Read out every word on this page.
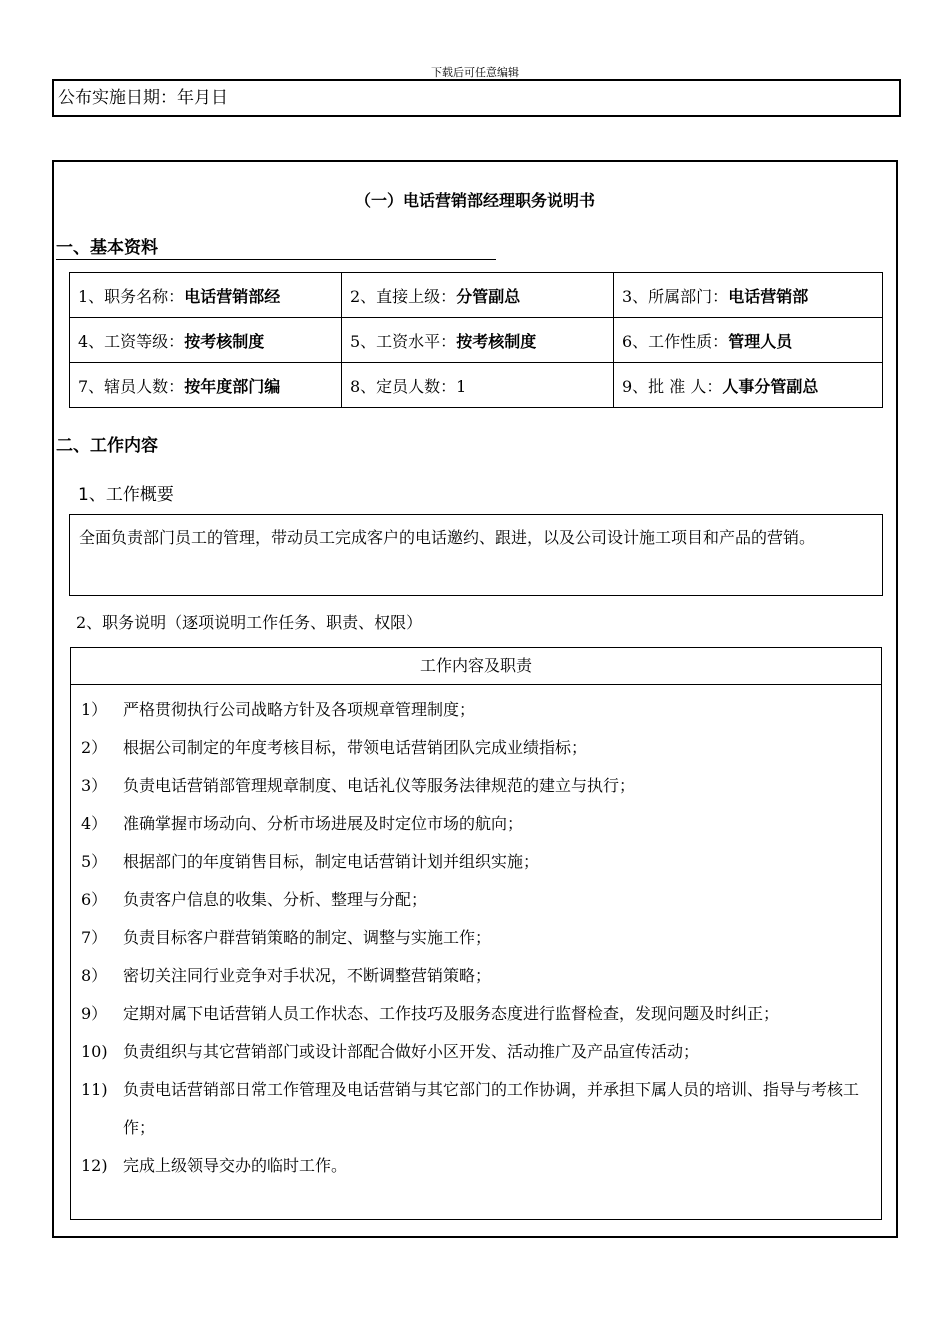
下载后可任意编辑
公布实施日期：年月日
（一）电话营销部经理职务说明书
一、基本资料
1、职务名称：电话营销部经	2、直接上级：分管副总	3、所属部门：电话营销部
4、工资等级：按考核制度	5、工资水平：按考核制度	6、工作性质：管理人员
7、辖员人数：按年度部门编	8、定员人数：1	9、批 准 人：人事分管副总
二、工作内容
1、工作概要
全面负责部门员工的管理，带动员工完成客户的电话邀约、跟进，以及公司设计施工项目和产品的营销。
2、职务说明（逐项说明工作任务、职责、权限）
工作内容及职责
1） 严格贯彻执行公司战略方针及各项规章管理制度；
2） 根据公司制定的年度考核目标，带领电话营销团队完成业绩指标；
3） 负责电话营销部管理规章制度、电话礼仪等服务法律规范的建立与执行；
4） 准确掌握市场动向、分析市场进展及时定位市场的航向；
5） 根据部门的年度销售目标，制定电话营销计划并组织实施；
6） 负责客户信息的收集、分析、整理与分配；
7） 负责目标客户群营销策略的制定、调整与实施工作；
8） 密切关注同行业竞争对手状况，不断调整营销策略；
9） 定期对属下电话营销人员工作状态、工作技巧及服务态度进行监督检查，发现问题及时纠正；
10) 负责组织与其它营销部门或设计部配合做好小区开发、活动推广及产品宣传活动；
11) 负责电话营销部日常工作管理及电话营销与其它部门的工作协调，并承担下属人员的培训、指导与考核工作；
12) 完成上级领导交办的临时工作。
